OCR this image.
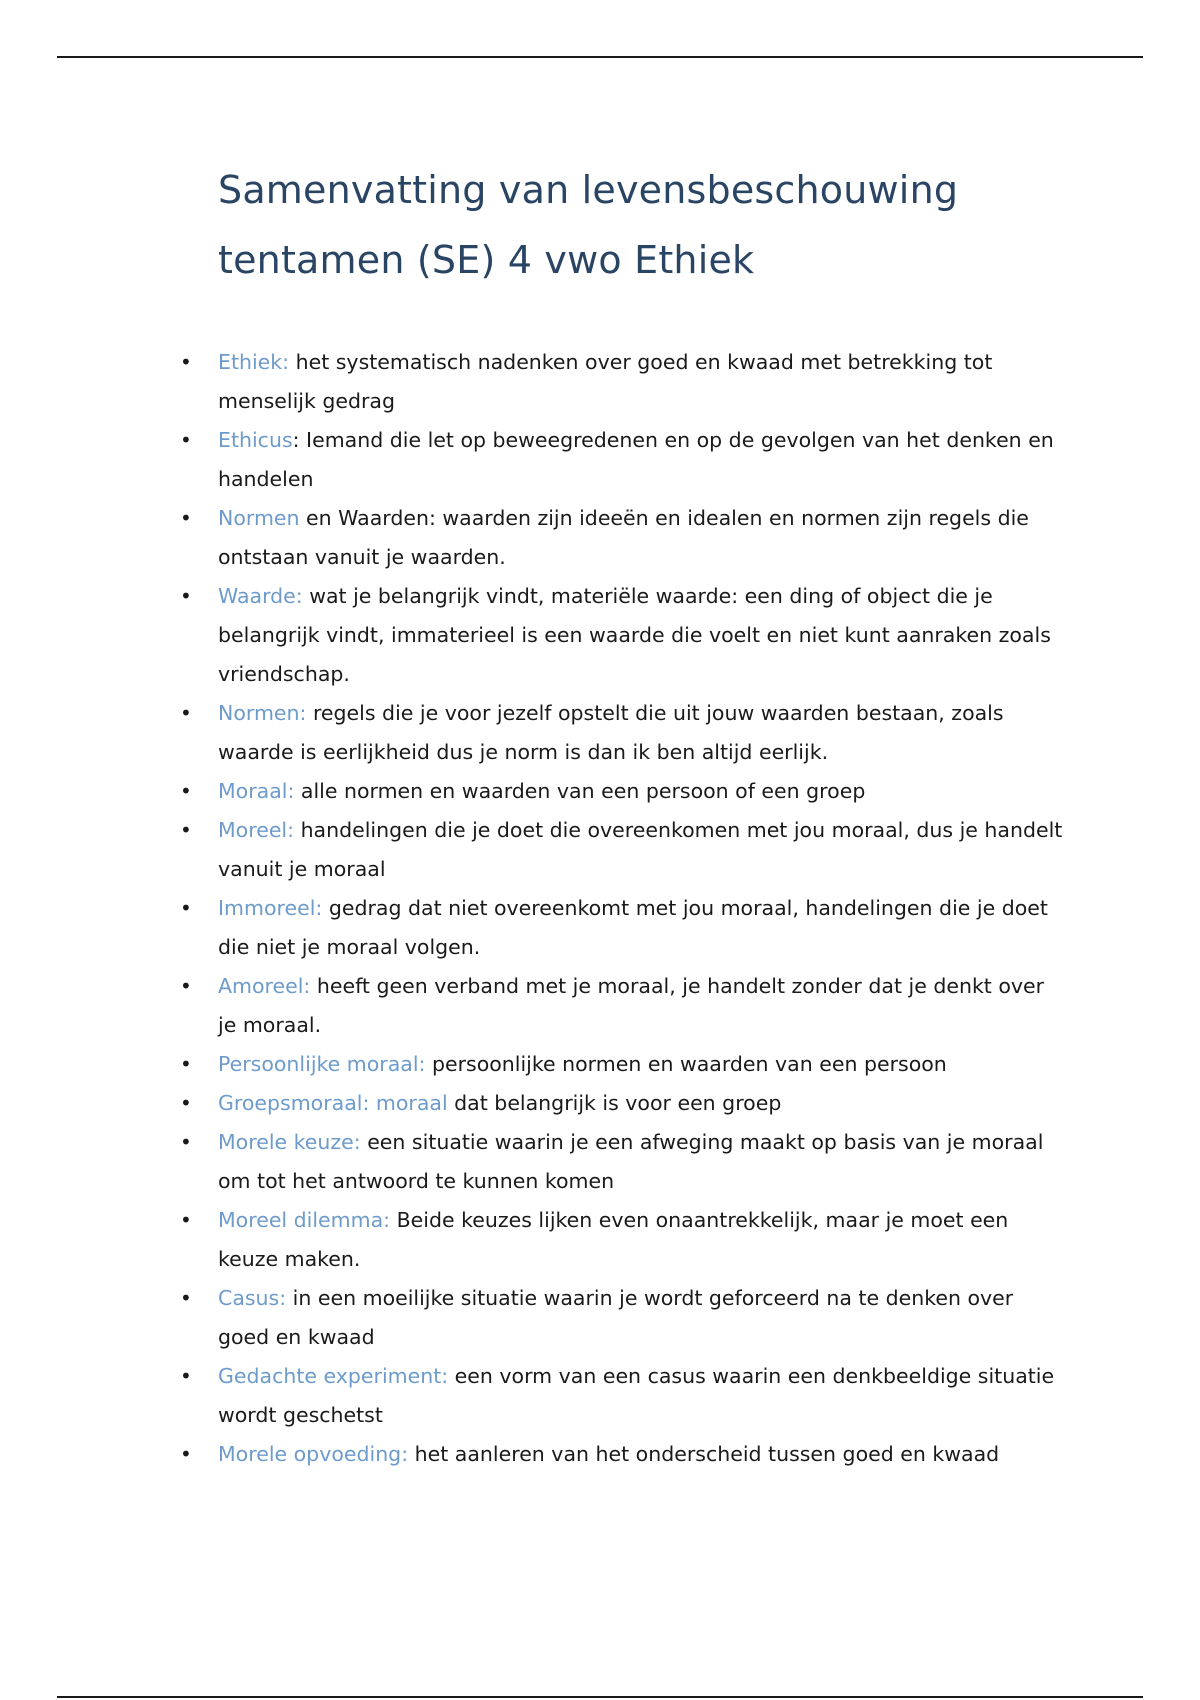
Samenvatting van levensbeschouwing tentamen (SE) 4 vwo Ethiek
• Ethiek: het systematisch nadenken over goed en kwaad met betrekking tot menselijk gedrag
• Ethicus: Iemand die let op beweegredenen en op de gevolgen van het denken en handelen
• Normen en Waarden: waarden zijn ideeën en idealen en normen zijn regels die ontstaan vanuit je waarden.
• Waarde: wat je belangrijk vindt, materiële waarde: een ding of object die je belangrijk vindt, immaterieel is een waarde die voelt en niet kunt aanraken zoals vriendschap.
• Normen: regels die je voor jezelf opstelt die uit jouw waarden bestaan, zoals waarde is eerlijkheid dus je norm is dan ik ben altijd eerlijk.
• Moraal: alle normen en waarden van een persoon of een groep
• Moreel: handelingen die je doet die overeenkomen met jou moraal, dus je handelt vanuit je moraal
• Immoreel: gedrag dat niet overeenkomt met jou moraal, handelingen die je doet die niet je moraal volgen.
• Amoreel: heeft geen verband met je moraal, je handelt zonder dat je denkt over je moraal.
• Persoonlijke moraal: persoonlijke normen en waarden van een persoon
• Groepsmoraal: moraal dat belangrijk is voor een groep
• Morele keuze: een situatie waarin je een afweging maakt op basis van je moraal om tot het antwoord te kunnen komen
• Moreel dilemma: Beide keuzes lijken even onaantrekkelijk, maar je moet een keuze maken.
• Casus: in een moeilijke situatie waarin je wordt geforceerd na te denken over goed en kwaad
• Gedachte experiment: een vorm van een casus waarin een denkbeeldige situatie wordt geschetst
• Morele opvoeding: het aanleren van het onderscheid tussen goed en kwaad
